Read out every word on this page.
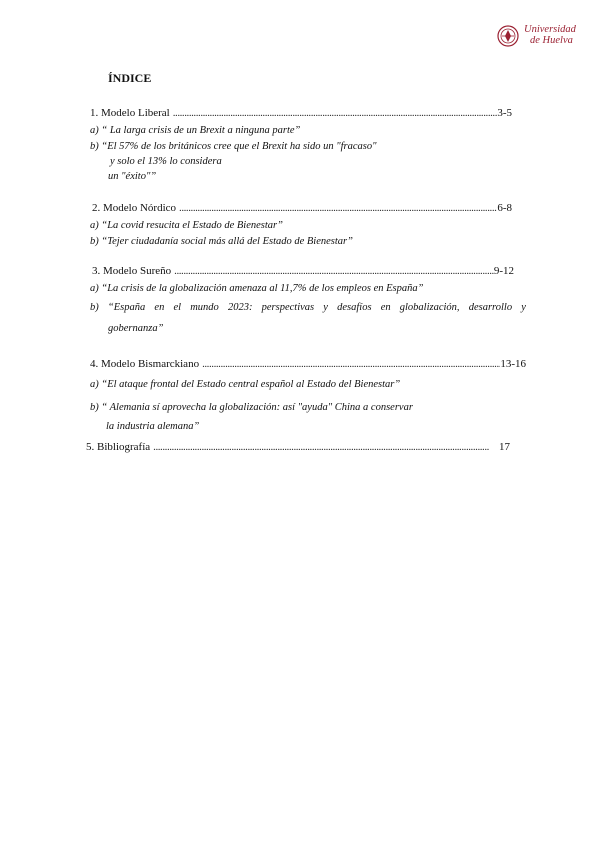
Universidad
de Huelva
ÍNDICE
1. Modelo Liberal . . .	3-5
a) “ La larga crisis de un Brexit a ninguna parte”
b) “El 57% de los británicos cree que el Brexit ha sido un "fracaso"
y solo el 13% lo considera
un "éxito"”
2. Modelo Nórdico . . .	6-8
a) “La covid resucita el Estado de Bienestar”
b) “Tejer ciudadanía social más allá del Estado de Bienestar”
3. Modelo Sureño . . .	9-12
a) “La crisis de la globalización amenaza al 11,7% de los empleos en España”
b) “España en el mundo 2023: perspectivas y desafíos en globalización, desarrollo y
gobernanza”
4. Modelo Bismarckiano . . .	13-16
a) “El ataque frontal del Estado central español al Estado del Bienestar”
b) “ Alemania sí aprovecha la globalización: así "ayuda" China a conservar
la industria alemana”
5. Bibliografía . . .	17
